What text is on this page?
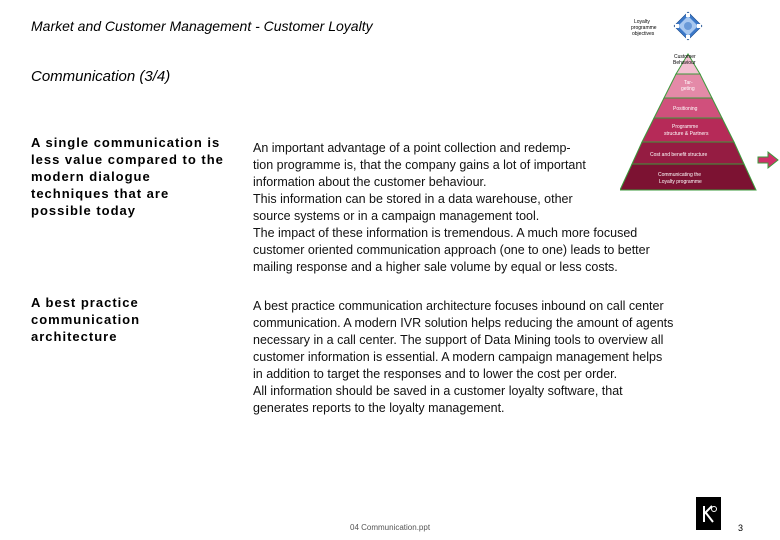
Market and Customer Management - Customer Loyalty
Communication (3/4)
Loyalty
programme
objectives
Customer
Behaviour
Tar-
geting
Positioning
Programme
structure & Partners
Cost and benefit structure
Communicating the
Loyalty programme
A single communication is less value compared to the modern dialogue techniques that are possible today

An important advantage of a point collection and redemp-

tion programme is, that the company gains a lot of important

information about the customer behaviour.

This information can be stored in a data warehouse, other

source systems or in a campaign management tool.

The impact of these information is tremendous. A much more focused

customer oriented communication approach (one to one) leads to better

mailing response and a higher sale volume by equal or less costs.

A best practice communication architecture

A best practice communication architecture focuses inbound on call center

communication. A modern IVR solution helps reducing the amount of agents

necessary in a call center. The support of Data Mining tools to overview all

customer information is essential. A modern campaign management helps

in addition to target the responses and to lower the cost per order.

All information should be saved in a customer loyalty software, that

generates reports to the loyalty management.

04 Communication.ppt	3
